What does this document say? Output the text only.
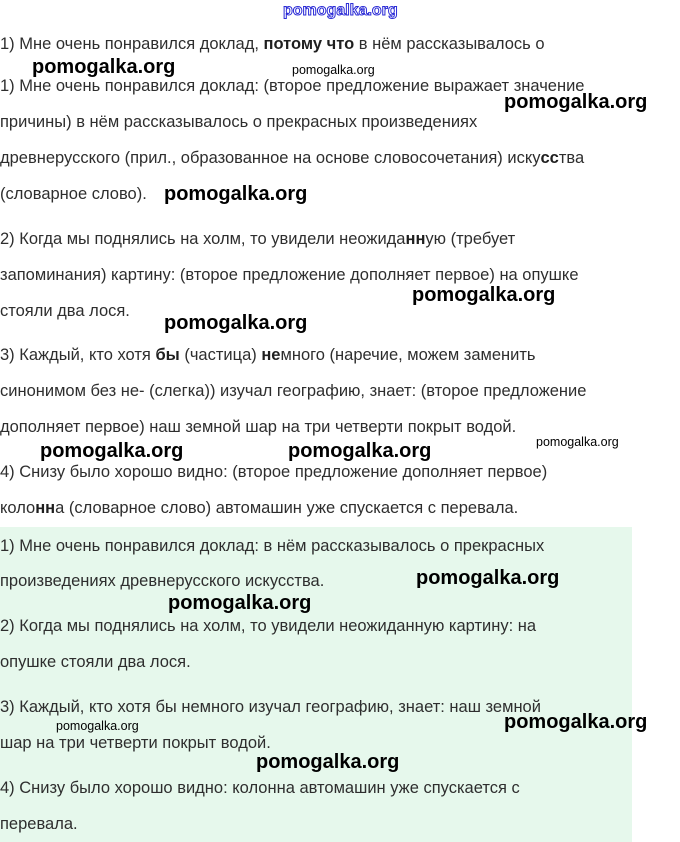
pomogalka.org
1) Мне очень понравился доклад, потому что в нём рассказывалось о
1) Мне очень понравился доклад: (второе предложение выражает значение
причины) в нём рассказывалось о прекрасных произведениях
древнерусского (прил., образованное на основе словосочетания) искусства
(словарное слово).
2) Когда мы поднялись на холм, то увидели неожиданную (требует
запоминания) картину: (второе предложение дополняет первое) на опушке
стояли два лося.
3) Каждый, кто хотя бы (частица) немного (наречие, можем заменить
синонимом без не- (слегка)) изучал географию, знает: (второе предложение
дополняет первое) наш земной шар на три четверти покрыт водой.
4) Снизу было хорошо видно: (второе предложение дополняет первое)
колонна (словарное слово) автомашин уже спускается с перевала.
1) Мне очень понравился доклад: в нём рассказывалось о прекрасных
произведениях древнерусского искусства.
2) Когда мы поднялись на холм, то увидели неожиданную картину: на
опушке стояли два лося.
3) Каждый, кто хотя бы немного изучал географию, знает: наш земной
шар на три четверти покрыт водой.
4) Снизу было хорошо видно: колонна автомашин уже спускается с
перевала.
pomogalka.org	pomogalka.org
pomogalka.org
pomogalka.org
pomogalka.org
pomogalka.org
pomogalka.org	pomogalka.org	pomogalka.org
pomogalka.org
pomogalka.org
pomogalka.org
pomogalka.org
pomogalka.org
